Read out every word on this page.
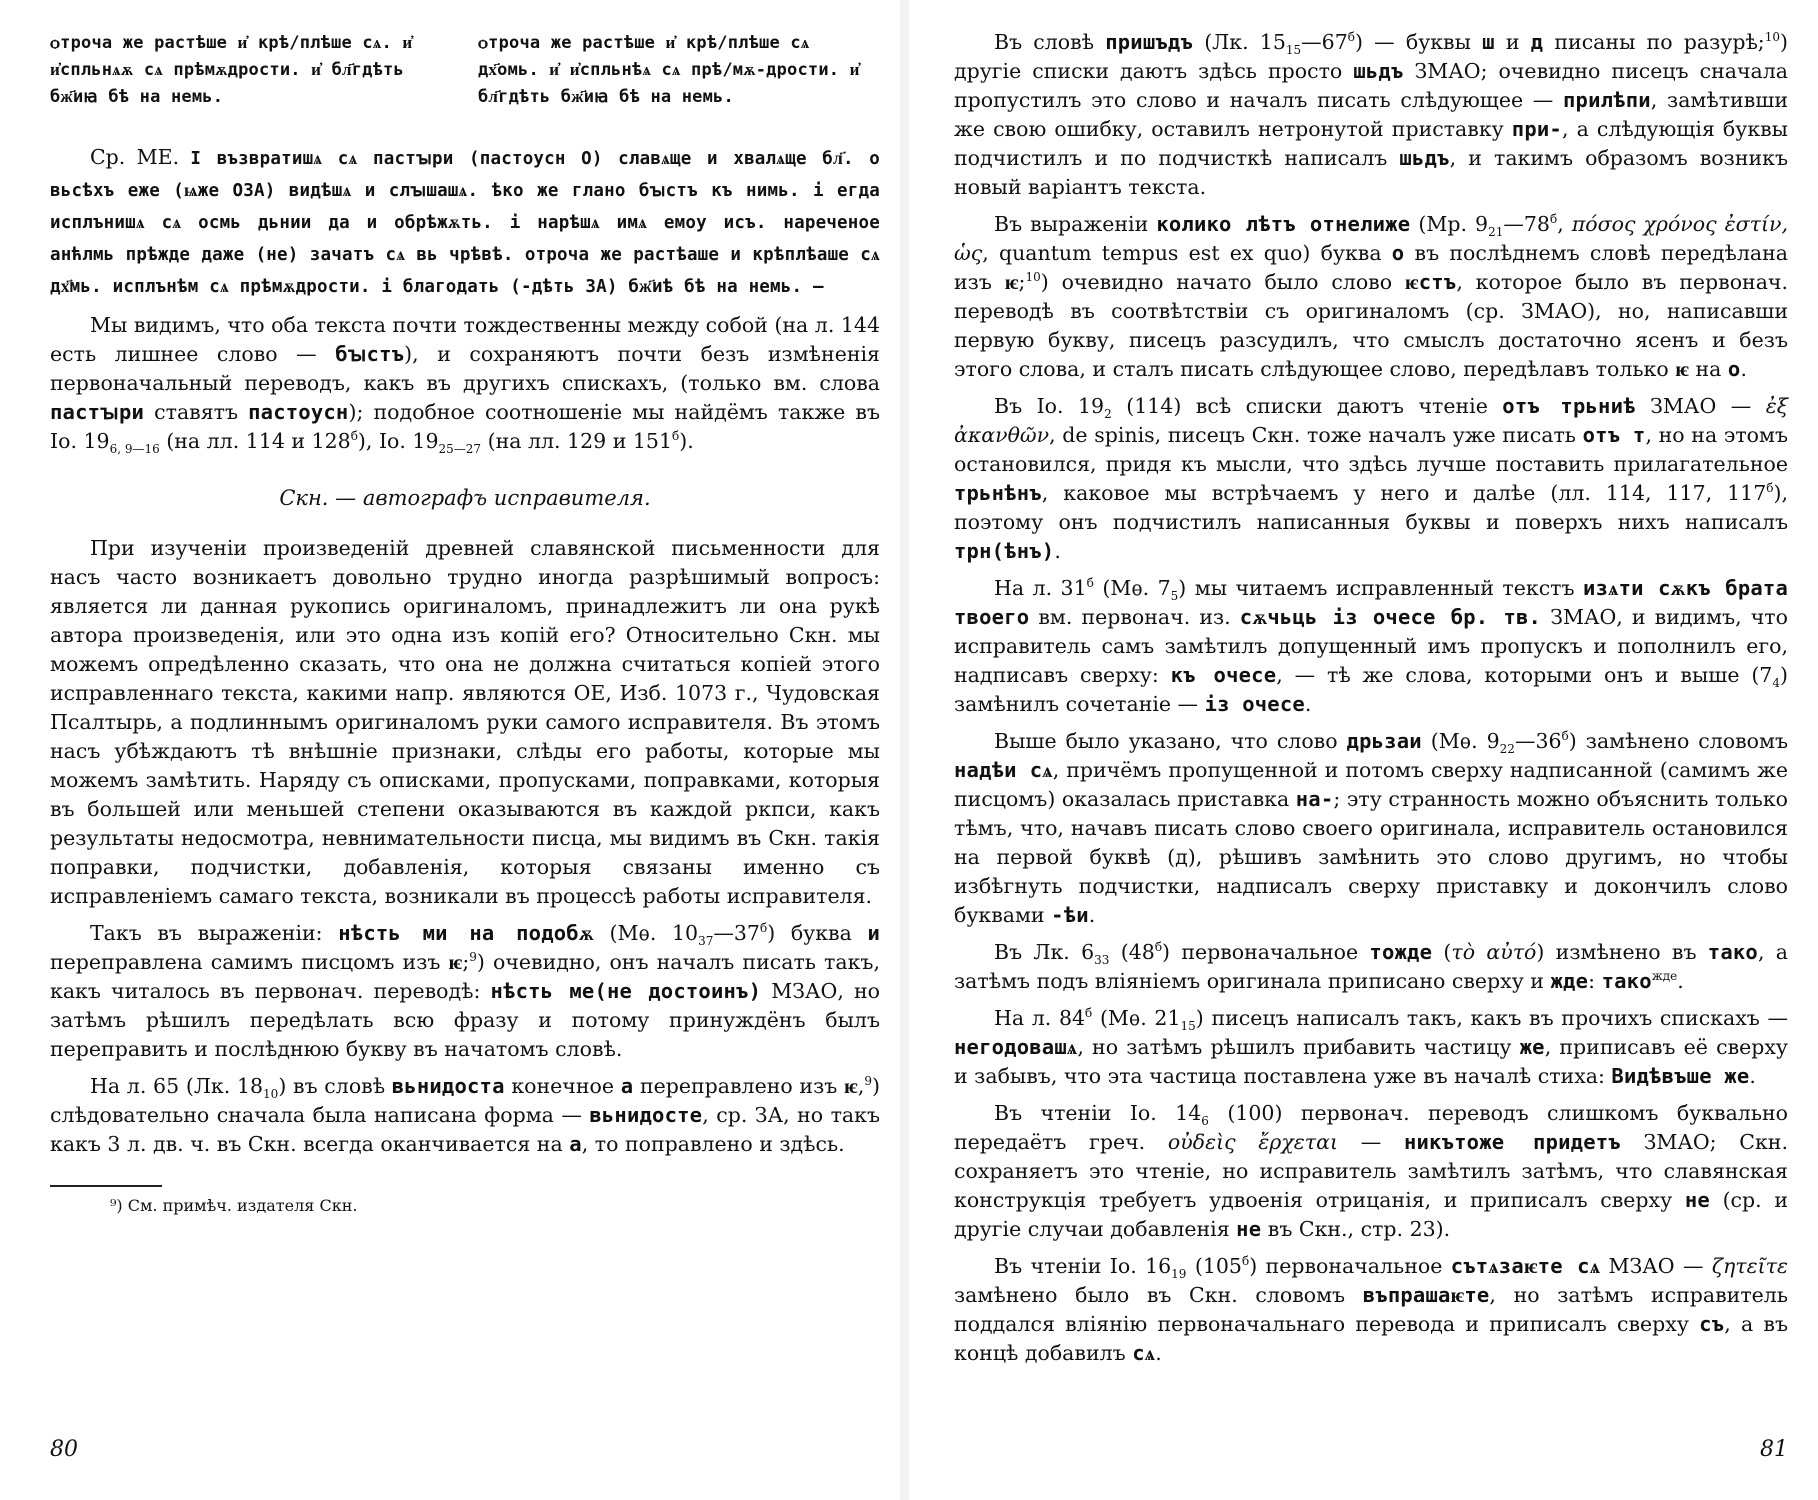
ѻтроча же растѣше и҆ крѣ/плѣше сѧ. и҆ и҆спльнѧѫ сѧ прѣмѫдрости. и҆ бл҃гдѣть бж҃иꙗ бѣ на немь.
ѻтроча же растѣше и҆ крѣ/плѣше сѧ дх҃омь. и҆ и҆спльнѣѧ сѧ прѣ/мѫ-дрости. и҆ бл҃гдѣть бж҃иꙗ бѣ на немь.

Ср. МЕ. І възвратишѧ сѧ пастꙑри (пастоусн О) славѧще и хвалѧще бл҃. о вьсѣхъ еже (ѩже ОЗА) видѣшѧ и слꙑшашѧ. ѣко же глано бꙑстъ къ нимь. і егда исплънишѧ сѧ осмь дьнии да и обрѣжѫть. і нарѣшѧ имѧ емоу исъ. нареченое анћлмь прѣжде даже (не) зачатъ сѧ вь чрѣвѣ. отроча же растѣаше и крѣплѣаше сѧ дх҃мь. исплънѣм сѧ прѣмѫдрости. і благодать (-дѣть ЗА) бж҃иѣ бѣ на немь. —

Мы видимъ, что оба текста почти тождественны между собой (на л. 144 есть лишнее слово — бꙑстъ), и сохраняютъ почти безъ измѣненія первоначальный переводъ, какъ въ другихъ спискахъ, (только вм. слова пастꙑри ставятъ пастоусн); подобное соотношеніе мы найдёмъ также въ Іо. $19_{6, 9—16}$ (на лл. 114 и $128^б$), Іо. $19_{25—27}$ (на лл. 129 и $151^б$).

Скн. — автографъ исправителя.

При изученіи произведеній древней славянской письменности для насъ часто возникаетъ довольно трудно иногда разрѣшимый вопросъ: является ли данная рукопись оригиналомъ, принадлежитъ ли она рукѣ автора произведенія, или это одна изъ копій его? Относительно Скн. мы можемъ опредѣленно сказать, что она не должна считаться копіей этого исправленнаго текста, какими напр. являются ОЕ, Изб. 1073 г., Чудовская Псалтырь, а подлиннымъ оригиналомъ руки самого исправителя. Въ этомъ насъ убѣждаютъ тѣ внѣшніе признаки, слѣды его работы, которые мы можемъ замѣтить. Наряду съ описками, пропусками, поправками, которыя въ большей или меньшей степени оказываются въ каждой ркпси, какъ результаты недосмотра, невнимательности писца, мы видимъ въ Скн. такія поправки, подчистки, добавленія, которыя связаны именно съ исправленіемъ самаго текста, возникали въ процессѣ работы исправителя.

Такъ въ выраженіи: нѣсть ми на подобѫ (Мѳ. $10_{37}—37^б$) буква и переправлена самимъ писцомъ изъ ѥ;$^9$) очевидно, онъ началъ писать такъ, какъ читалось въ первонач. переводѣ: нѣсть ме(не достоинъ) МЗАО, но затѣмъ рѣшилъ передѣлать всю фразу и потому принуждёнъ былъ переправить и послѣднюю букву въ начатомъ словѣ.

На л. 65 (Лк. $18_{10}$) въ словѣ вьнидоста конечное а переправлено изъ ѥ,$^9$) слѣдовательно сначала была написана форма — вьнидосте, ср. ЗА, но такъ какъ 3 л. дв. ч. въ Скн. всегда оканчивается на а, то поправлено и здѣсь.

⁹) См. примѣч. издателя Скн.
80

Въ словѣ пришъдъ (Лк. $15_{15}—67^б$) — буквы ш и д писаны по разурѣ;$^{10}$) другіе списки даютъ здѣсь просто шьдъ ЗМАО; очевидно писецъ сначала пропустилъ это слово и началъ писать слѣдующее — прилѣпи, замѣтивши же свою ошибку, оставилъ нетронутой приставку при-, а слѣдующія буквы подчистилъ и по подчисткѣ написалъ шьдъ, и такимъ образомъ возникъ новый варіантъ текста.

Въ выраженіи колико лѣтъ отнелиже (Мр. $9_{21}—78^б$, πόσος χρόνος ἐστίν, ὡς, quantum tempus est ex quo) буква о въ послѣднемъ словѣ передѣлана изъ ѥ;$^{10}$) очевидно начато было слово ѥстъ, которое было въ первонач. переводѣ въ соотвѣтствіи съ оригиналомъ (ср. ЗМАО), но, написавши первую букву, писецъ разсудилъ, что смыслъ достаточно ясенъ и безъ этого слова, и сталъ писать слѣдующее слово, передѣлавъ только ѥ на о.

Въ Іо. $19_2$ (114) всѣ списки даютъ чтеніе отъ трьниѣ ЗМАО — ἐξ ἀκανθῶν, de spinis, писецъ Скн. тоже началъ уже писать отъ т, но на этомъ остановился, придя къ мысли, что здѣсь лучше поставить прилагательное трьнѣнъ, каковое мы встрѣчаемъ у него и далѣе (лл. 114, 117, $117^б$), поэтому онъ подчистилъ написанныя буквы и поверхъ нихъ написалъ трн(ѣнъ).

На л. $31^б$ (Мѳ. $7_5$) мы читаемъ исправленный текстъ изѧти сѫкъ брата твоего вм. первонач. из. сѫчьць із очесе бр. тв. ЗМАО, и видимъ, что исправитель самъ замѣтилъ допущенный имъ пропускъ и пополнилъ его, надписавъ сверху: къ очесе, — тѣ же слова, которыми онъ и выше $(7_4)$ замѣнилъ сочетаніе — із очесе.

Выше было указано, что слово дрьзаи (Мѳ. $9_{22}—36^б$) замѣнено словомъ надѣи сѧ, причёмъ пропущенной и потомъ сверху надписанной (самимъ же писцомъ) оказалась приставка на-; эту странность можно объяснить только тѣмъ, что, начавъ писать слово своего оригинала, исправитель остановился на первой буквѣ (д), рѣшивъ замѣнить это слово другимъ, но чтобы избѣгнуть подчистки, надписалъ сверху приставку и докончилъ слово буквами -ѣи.

Въ Лк. $6_{33}$ $(48^б)$ первоначальное тожде (τὸ αὐτό) измѣнено въ тако, а затѣмъ подъ вліяніемъ оригинала приписано сверху и жде: тако$^{жде}$.

На л. $84^б$ (Мѳ. $21_{15}$) писецъ написалъ такъ, какъ въ прочихъ спискахъ — негодовашѧ, но затѣмъ рѣшилъ прибавить частицу же, приписавъ её сверху и забывъ, что эта частица поставлена уже въ началѣ стиха: Видѣвъше же.

Въ чтеніи Іо. $14_6$ (100) первонач. переводъ слишкомъ буквально передаётъ греч. οὐδεὶς ἔρχεται — никътоже придетъ ЗМАО; Скн. сохраняетъ это чтеніе, но исправитель замѣтилъ затѣмъ, что славянская конструкція требуетъ удвоенія отрицанія, и приписалъ сверху не (ср. и другіе случаи добавленія не въ Скн., стр. 23).

Въ чтеніи Іо. $16_{19}$ $(105^б)$ первоначальное сътѧзаѥте сѧ МЗАО — ζητεῖτε замѣнено было въ Скн. словомъ въпрашаѥте, но затѣмъ исправитель поддался вліянію первоначальнаго перевода и приписалъ сверху съ, а въ концѣ добавилъ сѧ.

81
